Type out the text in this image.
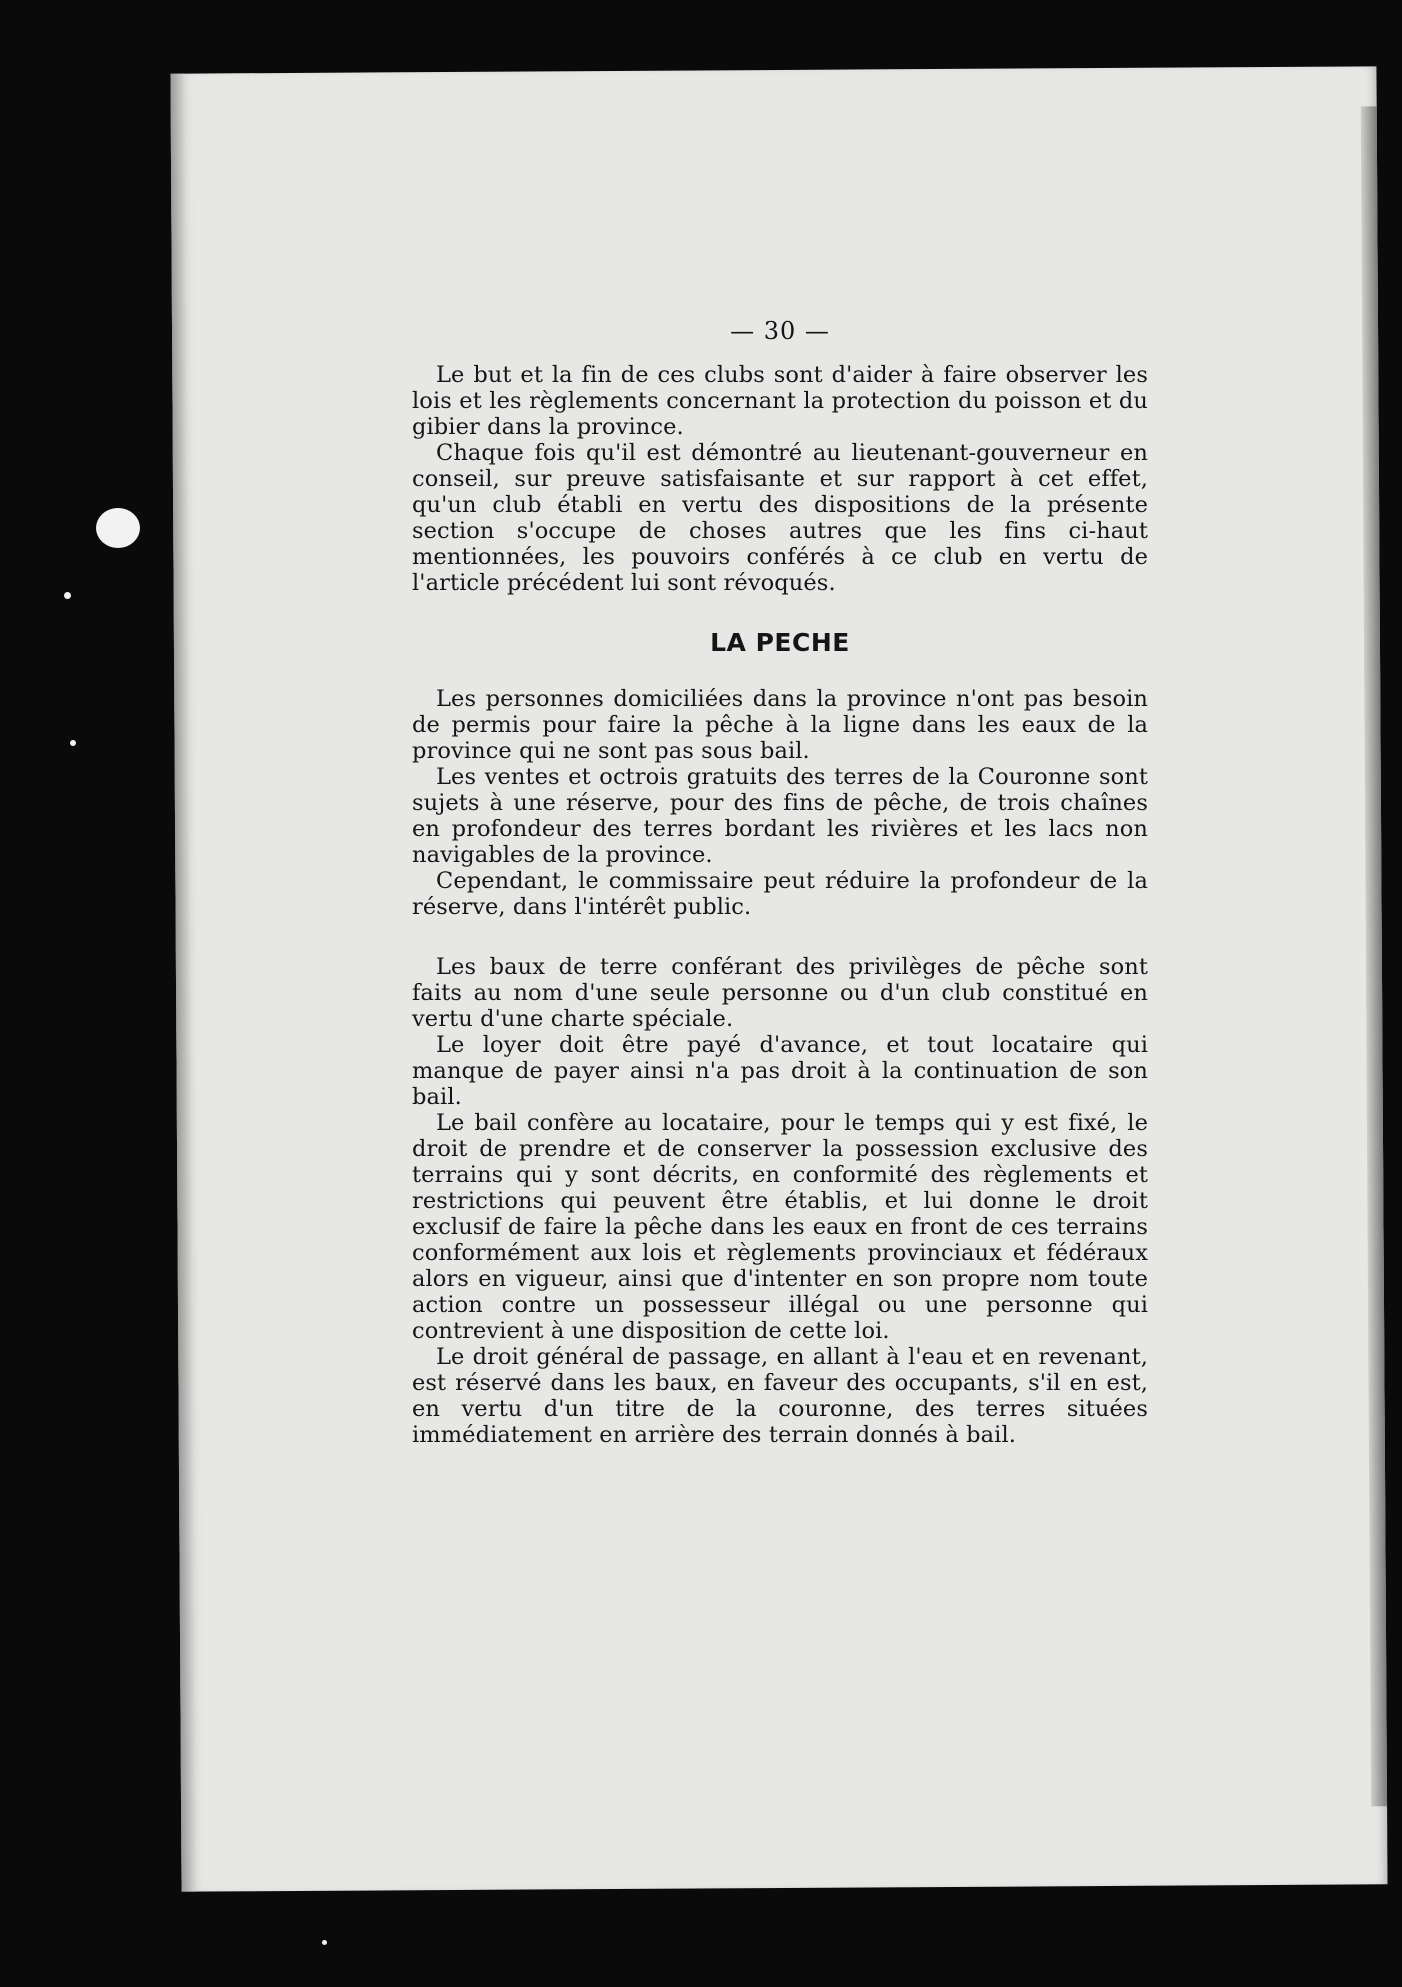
— 30 —

Le but et la fin de ces clubs sont d'aider à faire observer les lois et les règlements concernant la protection du poisson et du gibier dans la province.

Chaque fois qu'il est démontré au lieutenant-gouverneur en conseil, sur preuve satisfaisante et sur rapport à cet effet, qu'un club établi en vertu des dispositions de la présente section s'occupe de choses autres que les fins ci-haut mentionnées, les pouvoirs conférés à ce club en vertu de l'article précédent lui sont révoqués.

LA PECHE

Les personnes domiciliées dans la province n'ont pas besoin de permis pour faire la pêche à la ligne dans les eaux de la province qui ne sont pas sous bail.

Les ventes et octrois gratuits des terres de la Couronne sont sujets à une réserve, pour des fins de pêche, de trois chaînes en profondeur des terres bordant les rivières et les lacs non navigables de la province.

Cependant, le commissaire peut réduire la profondeur de la réserve, dans l'intérêt public.

Les baux de terre conférant des privilèges de pêche sont faits au nom d'une seule personne ou d'un club constitué en vertu d'une charte spéciale.

Le loyer doit être payé d'avance, et tout locataire qui manque de payer ainsi n'a pas droit à la continuation de son bail.

Le bail confère au locataire, pour le temps qui y est fixé, le droit de prendre et de conserver la possession exclusive des terrains qui y sont décrits, en conformité des règlements et restrictions qui peuvent être établis, et lui donne le droit exclusif de faire la pêche dans les eaux en front de ces terrains conformément aux lois et règlements provinciaux et fédéraux alors en vigueur, ainsi que d'intenter en son propre nom toute action contre un possesseur illégal ou une personne qui contrevient à une disposition de cette loi.

Le droit général de passage, en allant à l'eau et en revenant, est réservé dans les baux, en faveur des occupants, s'il en est, en vertu d'un titre de la couronne, des terres situées immédiatement en arrière des terrain donnés à bail.
